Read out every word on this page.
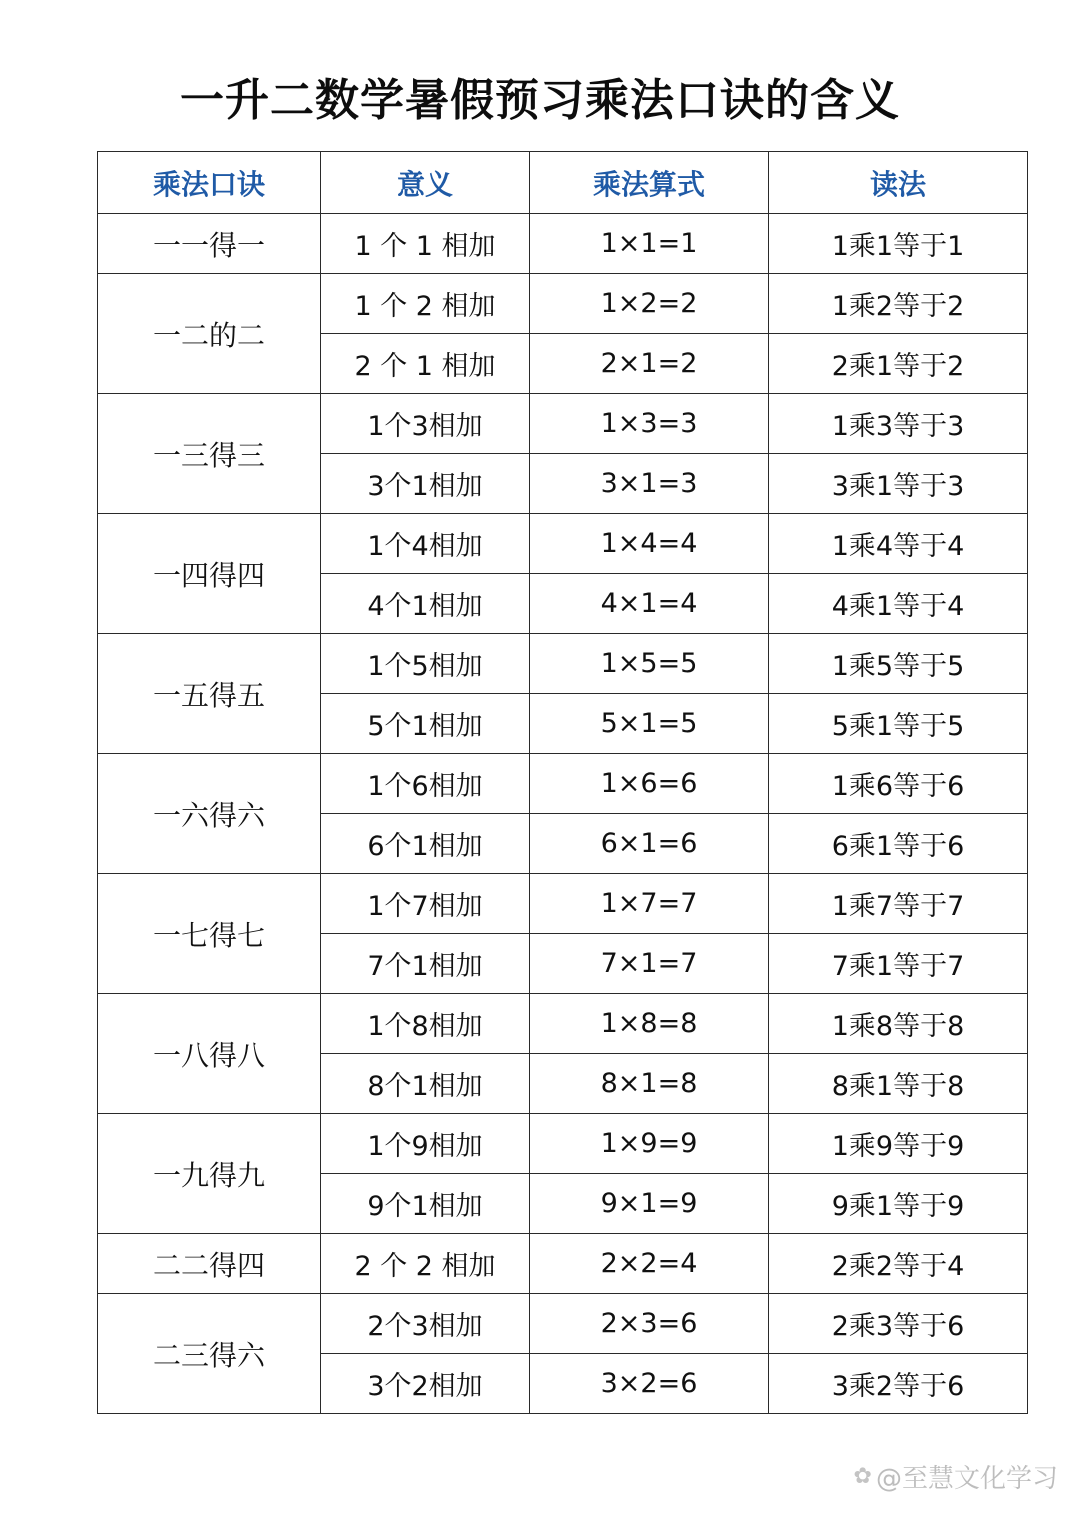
一升二数学暑假预习乘法口诀的含义
乘法口诀	意义	乘法算式	读法
一一得一	1 个 1 相加	1×1=1	1乘1等于1
一二的二	1 个 2 相加	1×2=2	1乘2等于2
	2 个 1 相加	2×1=2	2乘1等于2
一三得三	1个3相加	1×3=3	1乘3等于3
	3个1相加	3×1=3	3乘1等于3
一四得四	1个4相加	1×4=4	1乘4等于4
	4个1相加	4×1=4	4乘1等于4
一五得五	1个5相加	1×5=5	1乘5等于5
	5个1相加	5×1=5	5乘1等于5
一六得六	1个6相加	1×6=6	1乘6等于6
	6个1相加	6×1=6	6乘1等于6
一七得七	1个7相加	1×7=7	1乘7等于7
	7个1相加	7×1=7	7乘1等于7
一八得八	1个8相加	1×8=8	1乘8等于8
	8个1相加	8×1=8	8乘1等于8
一九得九	1个9相加	1×9=9	1乘9等于9
	9个1相加	9×1=9	9乘1等于9
二二得四	2 个 2 相加	2×2=4	2乘2等于4
二三得六	2个3相加	2×3=6	2乘3等于6
	3个2相加	3×2=6	3乘2等于6
✿ @至慧文化学习
